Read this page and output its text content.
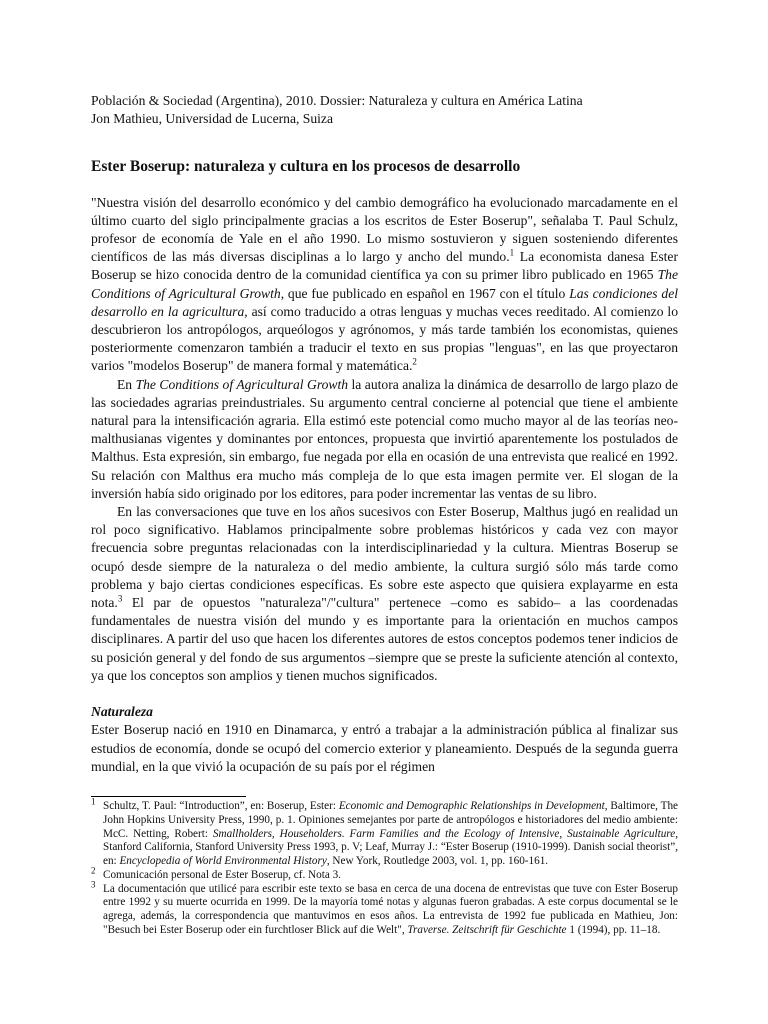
Población & Sociedad (Argentina), 2010. Dossier: Naturaleza y cultura en América Latina

Jon Mathieu, Universidad de Lucerna, Suiza

Ester Boserup: naturaleza y cultura en los procesos de desarrollo

"Nuestra visión del desarrollo económico y del cambio demográfico ha evolucionado marcadamente en el último cuarto del siglo principalmente gracias a los escritos de Ester Boserup", señalaba T. Paul Schulz, profesor de economía de Yale en el año 1990. Lo mismo sostuvieron y siguen sosteniendo diferentes científicos de las más diversas disciplinas a lo largo y ancho del mundo.$^1$ La economista danesa Ester Boserup se hizo conocida dentro de la comunidad científica ya con su primer libro publicado en 1965 The Conditions of Agricultural Growth, que fue publicado en español en 1967 con el título Las condiciones del desarrollo en la agricultura, así como traducido a otras lenguas y muchas veces reeditado. Al comienzo lo descubrieron los antropólogos, arqueólogos y agrónomos, y más tarde también los economistas, quienes posteriormente comenzaron también a traducir el texto en sus propias "lenguas", en las que proyectaron varios "modelos Boserup" de manera formal y matemática.$^2$

En The Conditions of Agricultural Growth la autora analiza la dinámica de desarrollo de largo plazo de las sociedades agrarias preindustriales. Su argumento central concierne al potencial que tiene el ambiente natural para la intensificación agraria. Ella estimó este potencial como mucho mayor al de las teorías neo-malthusianas vigentes y dominantes por entonces, propuesta que invirtió aparentemente los postulados de Malthus. Esta expresión, sin embargo, fue negada por ella en ocasión de una entrevista que realicé en 1992. Su relación con Malthus era mucho más compleja de lo que esta imagen permite ver. El slogan de la inversión había sido originado por los editores, para poder incrementar las ventas de su libro.

En las conversaciones que tuve en los años sucesivos con Ester Boserup, Malthus jugó en realidad un rol poco significativo. Hablamos principalmente sobre problemas históricos y cada vez con mayor frecuencia sobre preguntas relacionadas con la interdisciplinariedad y la cultura. Mientras Boserup se ocupó desde siempre de la naturaleza o del medio ambiente, la cultura surgió sólo más tarde como problema y bajo ciertas condiciones específicas. Es sobre este aspecto que quisiera explayarme en esta nota.$^3$ El par de opuestos "naturaleza"/"cultura" pertenece –como es sabido– a las coordenadas fundamentales de nuestra visión del mundo y es importante para la orientación en muchos campos disciplinares. A partir del uso que hacen los diferentes autores de estos conceptos podemos tener indicios de su posición general y del fondo de sus argumentos –siempre que se preste la suficiente atención al contexto, ya que los conceptos son amplios y tienen muchos significados.

Naturaleza

Ester Boserup nació en 1910 en Dinamarca, y entró a trabajar a la administración pública al finalizar sus estudios de economía, donde se ocupó del comercio exterior y planeamiento. Después de la segunda guerra mundial, en la que vivió la ocupación de su país por el régimen

$^1$ Schultz, T. Paul: “Introduction”, en: Boserup, Ester: Economic and Demographic Relationships in Development, Baltimore, The John Hopkins University Press, 1990, p. 1. Opiniones semejantes por parte de antropólogos e historiadores del medio ambiente: McC. Netting, Robert: Smallholders, Householders. Farm Families and the Ecology of Intensive, Sustainable Agriculture, Stanford California, Stanford University Press 1993, p. V; Leaf, Murray J.: “Ester Boserup (1910-1999). Danish social theorist”, en: Encyclopedia of World Environmental History, New York, Routledge 2003, vol. 1, pp. 160-161.
$^2$ Comunicación personal de Ester Boserup, cf. Nota 3.
$^3$ La documentación que utilicé para escribir este texto se basa en cerca de una docena de entrevistas que tuve con Ester Boserup entre 1992 y su muerte ocurrida en 1999. De la mayoría tomé notas y algunas fueron grabadas. A este corpus documental se le agrega, además, la correspondencia que mantuvimos en esos años. La entrevista de 1992 fue publicada en Mathieu, Jon: "Besuch bei Ester Boserup oder ein furchtloser Blick auf die Welt", Traverse. Zeitschrift für Geschichte 1 (1994), pp. 11–18.
